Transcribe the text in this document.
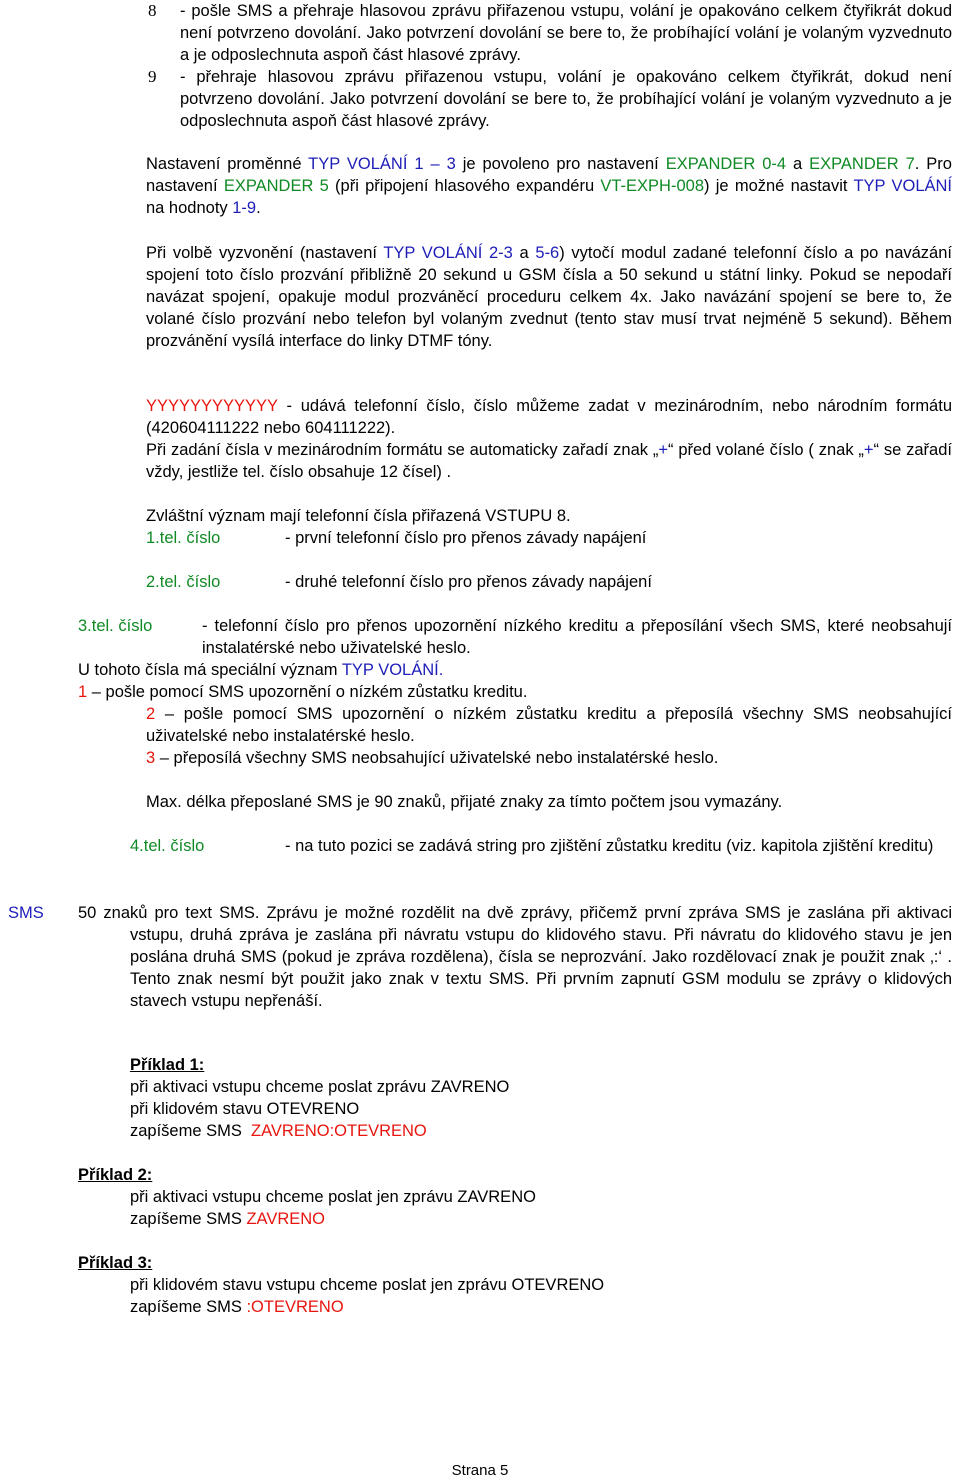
8 - pošle SMS a přehraje hlasovou zprávu přiřazenou vstupu, volání je opakováno celkem čtyřikrát dokud není potvrzeno dovolání. Jako potvrzení dovolání se bere to, že probíhající volání je volaným vyzvednuto a je odposlechnuta aspoň část hlasové zprávy.
9 - přehraje hlasovou zprávu přiřazenou vstupu, volání je opakováno celkem čtyřikrát, dokud není potvrzeno dovolání. Jako potvrzení dovolání se bere to, že probíhající volání je volaným vyzvednuto a je odposlechnuta aspoň část hlasové zprávy.
Nastavení proměnné TYP VOLÁNÍ 1 – 3 je povoleno pro nastavení EXPANDER 0-4 a EXPANDER 7. Pro nastavení EXPANDER 5 (při připojení hlasového expandéru VT-EXPH-008) je možné nastavit TYP VOLÁNÍ na hodnoty 1-9.
Při volbě vyzvonění (nastavení TYP VOLÁNÍ 2-3 a 5-6) vytočí modul zadané telefonní číslo a po navázání spojení toto číslo prozvání přibližně 20 sekund u GSM čísla a 50 sekund u státní linky. Pokud se nepodaří navázat spojení, opakuje modul prozváněcí proceduru celkem 4x. Jako navázání spojení se bere to, že volané číslo prozvání nebo telefon byl volaným zvednut (tento stav musí trvat nejméně 5 sekund). Během prozvánění vysílá interface do linky DTMF tóny.
YYYYYYYYYYYY - udává telefonní číslo, číslo můžeme zadat v mezinárodním, nebo národním formátu (420604111222 nebo 604111222).
Při zadání čísla v mezinárodním formátu se automaticky zařadí znak „+“ před volané číslo ( znak „+“ se zařadí vždy, jestliže tel. číslo obsahuje 12 čísel) .
Zvláštní význam mají telefonní čísla přiřazená VSTUPU 8.
1.tel. číslo	- první telefonní číslo pro přenos závady napájení
2.tel. číslo	- druhé telefonní číslo pro přenos závady napájení
3.tel. číslo	- telefonní číslo pro přenos upozornění nízkého kreditu a přeposílání všech SMS, které neobsahují instalatérské nebo uživatelské heslo.
U tohoto čísla má speciální význam TYP VOLÁNÍ.
1 – pošle pomocí SMS upozornění o nízkém zůstatku kreditu.
2 – pošle pomocí SMS upozornění o nízkém zůstatku kreditu a přeposílá všechny SMS neobsahující uživatelské nebo instalatérské heslo.
3 – přeposílá všechny SMS neobsahující uživatelské nebo instalatérské heslo.
Max. délka přeposlané SMS je 90 znaků, přijaté znaky za tímto počtem jsou vymazány.
4.tel. číslo	- na tuto pozici se zadává string pro zjištění zůstatku kreditu (viz. kapitola zjištění kreditu)
SMS 50 znaků pro text SMS. Zprávu je možné rozdělit na dvě zprávy, přičemž první zpráva SMS je zaslána při aktivaci vstupu, druhá zpráva je zaslána při návratu vstupu do klidového stavu. Při návratu do klidového stavu je jen poslána druhá SMS (pokud je zpráva rozdělena), čísla se neprozvání. Jako rozdělovací znak je použit znak ‚:‘ . Tento znak nesmí být použit jako znak v textu SMS. Při prvním zapnutí GSM modulu se zprávy o klidových stavech vstupu nepřenáší.
Příklad 1:
při aktivaci vstupu chceme poslat zprávu ZAVRENO
při klidovém stavu OTEVRENO
zapíšeme SMS  ZAVRENO:OTEVRENO
Příklad 2:
při aktivaci vstupu chceme poslat jen zprávu ZAVRENO
zapíšeme SMS ZAVRENO
Příklad 3:
při klidovém stavu vstupu chceme poslat jen zprávu OTEVRENO
zapíšeme SMS :OTEVRENO
Strana 5
